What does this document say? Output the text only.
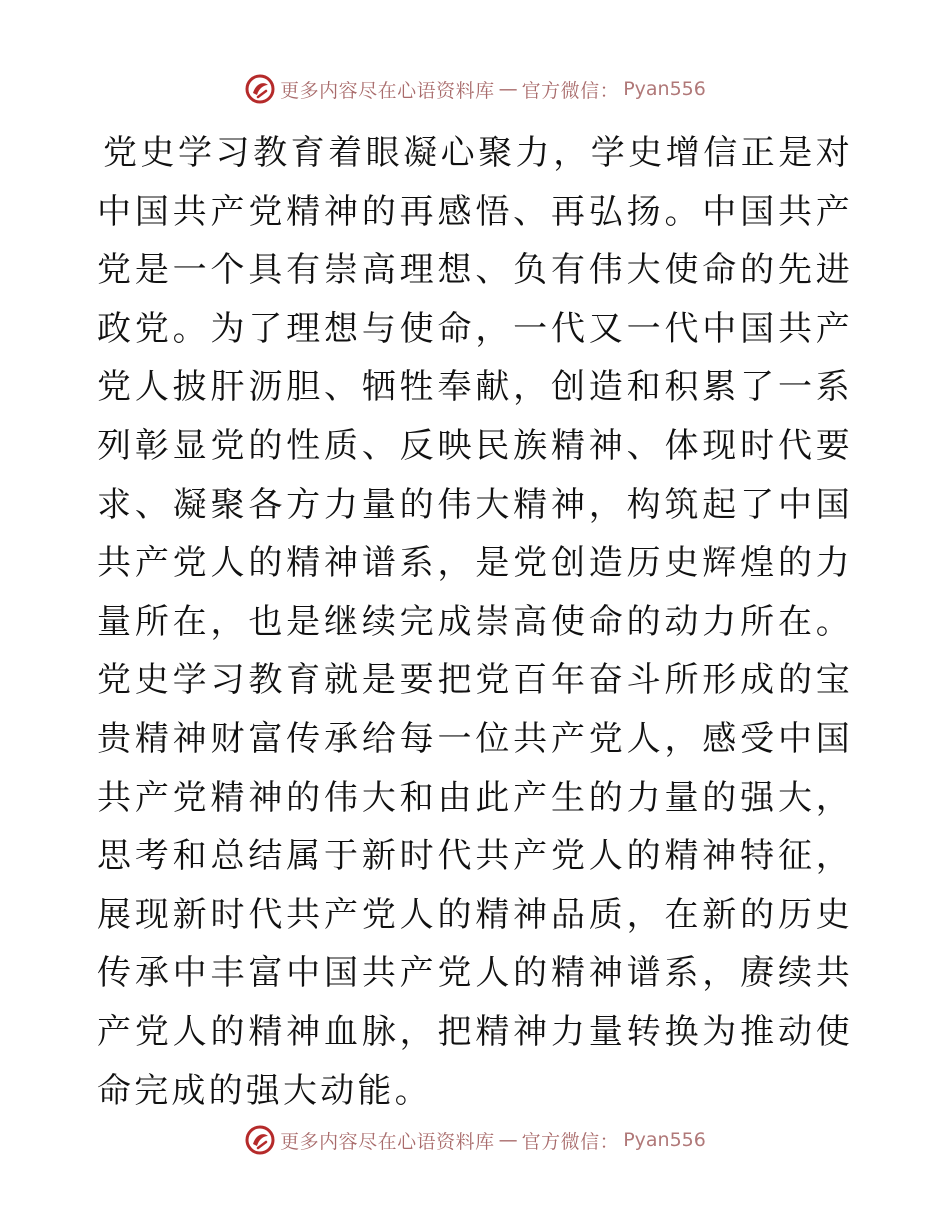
更多内容尽在心语资料库 — 官方微信： Pyan556

党史学习教育着眼凝心聚力，学史增信正是对中国共产党精神的再感悟、再弘扬。中国共产党是一个具有崇高理想、负有伟大使命的先进政党。为了理想与使命，一代又一代中国共产党人披肝沥胆、牺牲奉献，创造和积累了一系列彰显党的性质、反映民族精神、体现时代要求、凝聚各方力量的伟大精神，构筑起了中国共产党人的精神谱系，是党创造历史辉煌的力量所在，也是继续完成崇高使命的动力所在。党史学习教育就是要把党百年奋斗所形成的宝贵精神财富传承给每一位共产党人，感受中国共产党精神的伟大和由此产生的力量的强大，思考和总结属于新时代共产党人的精神特征，展现新时代共产党人的精神品质，在新的历史传承中丰富中国共产党人的精神谱系，赓续共产党人的精神血脉，把精神力量转换为推动使命完成的强大动能。

更多内容尽在心语资料库 — 官方微信： Pyan556
